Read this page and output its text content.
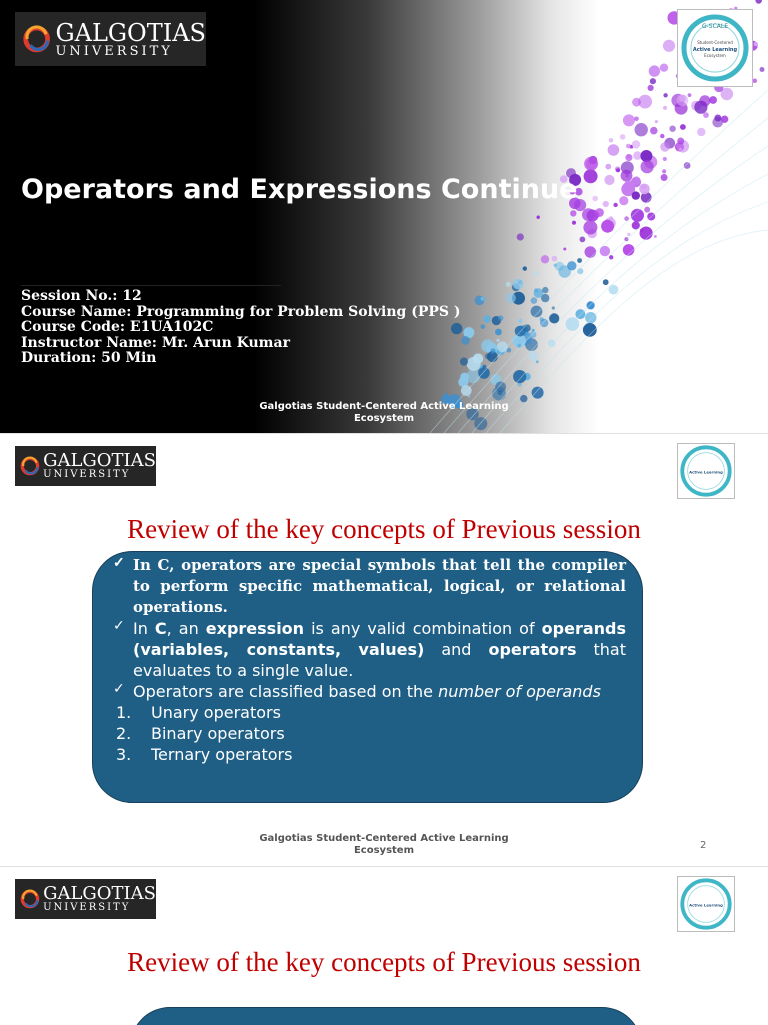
GALGOTIAS
UNIVERSITY
G-SCALE
Student-Centered
Active Learning
Ecosystem
Operators and Expressions Continue
Session No.: 12
Course Name: Programming for Problem Solving (PPS )
Course Code: E1UA102C
Instructor Name: Mr. Arun Kumar
Duration: 50 Min
Galgotias Student-Centered Active Learning
Ecosystem
GALGOTIAS
UNIVERSITY	Active Learning
Review of the key concepts of Previous session
✓ In C, operators are special symbols that tell the compiler to perform specific mathematical, logical, or relational operations.
✓ In C, an expression is any valid combination of operands (variables, constants, values) and operators that evaluates to a single value.
✓ Operators are classified based on the number of operands
1. Unary operators
2. Binary operators
3. Ternary operators
Galgotias Student-Centered Active Learning
Ecosystem	2
GALGOTIAS
UNIVERSITY	Active Learning
Review of the key concepts of Previous session
